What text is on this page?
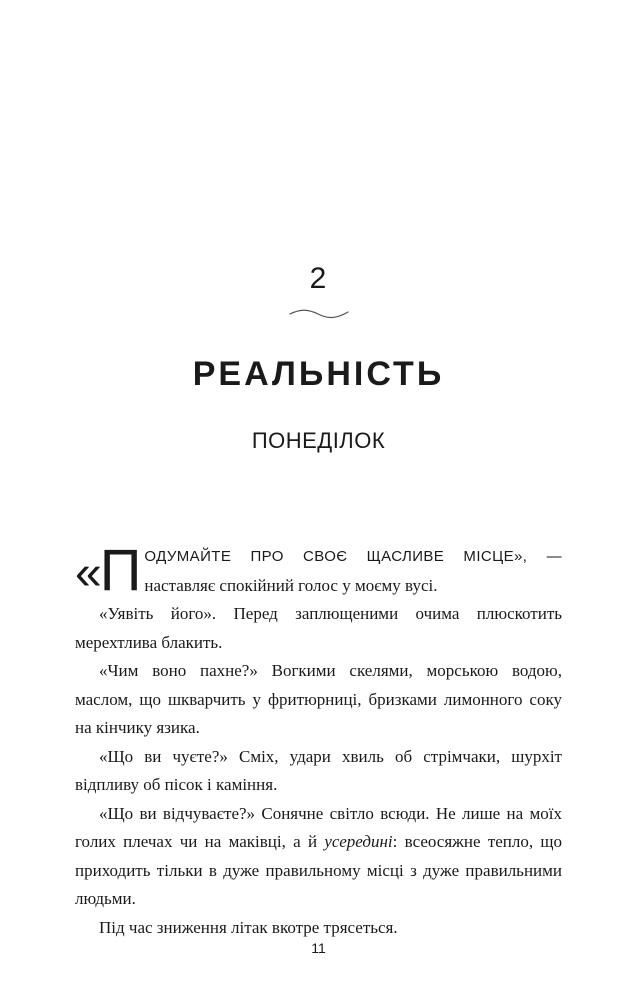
2
РЕАЛЬНІСТЬ
ПОНЕДІЛОК

«
П ОДУМАЙТЕ ПРО СВОЄ ЩАСЛИВЕ МІСЦЕ», — наставляє спокійний голос у моєму вусі.

«Уявіть його». Перед заплющеними очима плюскотить мерехтлива блакить.

«Чим воно пахне?» Вогкими скелями, морською водою, маслом, що шкварчить у фритюрниці, бризками лимонного соку на кінчику язика.

«Що ви чуєте?» Сміх, удари хвиль об стрімчаки, шурхіт відпливу об пісок і каміння.

«Що ви відчуваєте?» Сонячне світло всюди. Не лише на моїх голих плечах чи на маківці, а й усередині: всеосяжне тепло, що приходить тільки в дуже правильному місці з дуже правильними людьми.

Під час зниження літак вкотре трясеться.

11
